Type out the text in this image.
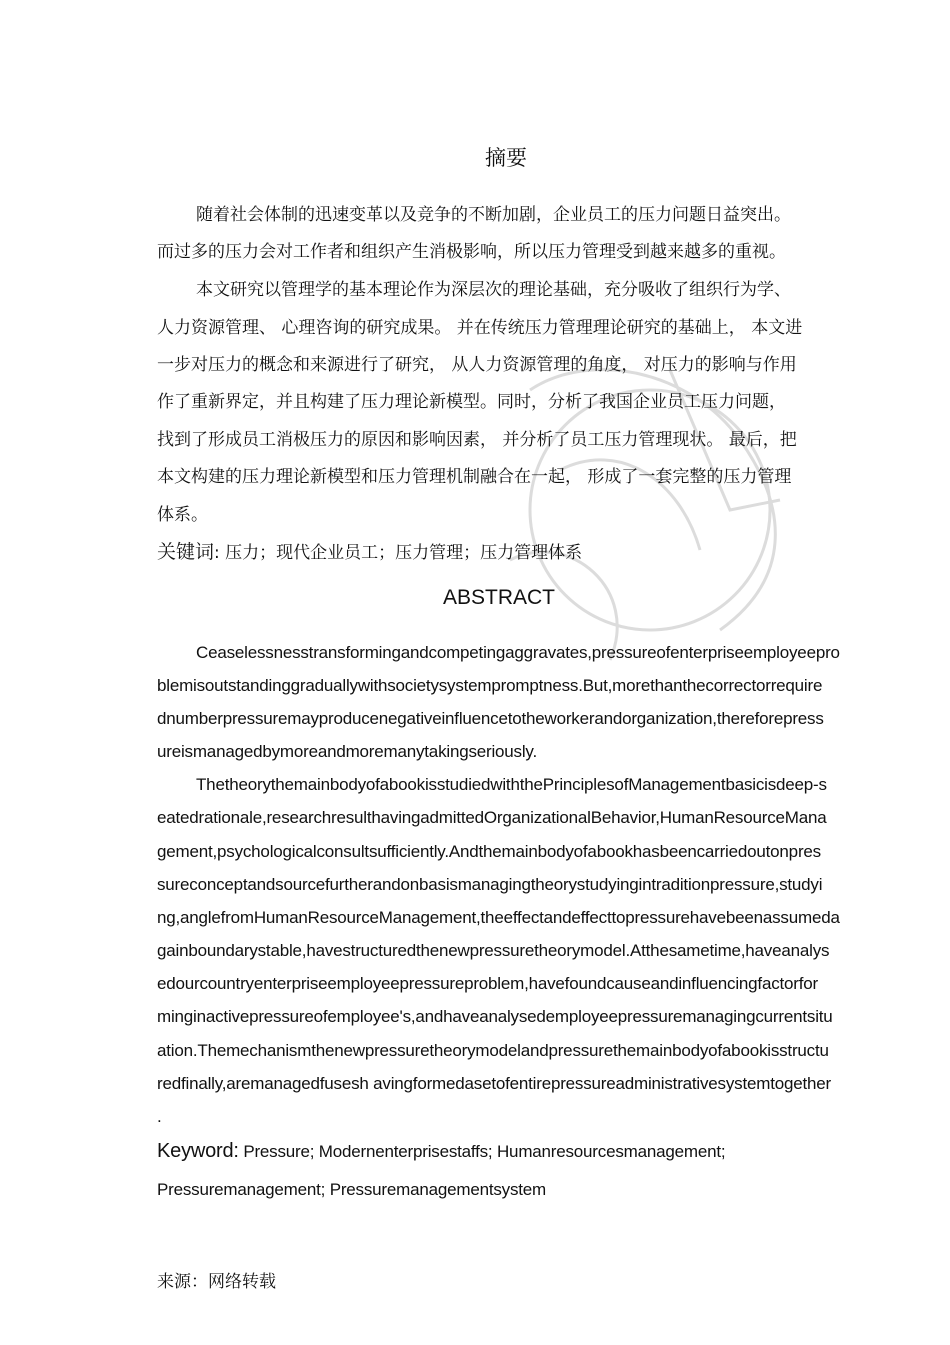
摘要
随着社会体制的迅速变革以及竞争的不断加剧，企业员工的压力问题日益突出。
而过多的压力会对工作者和组织产生消极影响，所以压力管理受到越来越多的重视。
本文研究以管理学的基本理论作为深层次的理论基础，充分吸收了组织行为学、
人力资源管理、 心理咨询的研究成果。 并在传统压力管理理论研究的基础上， 本文进
一步对压力的概念和来源进行了研究， 从人力资源管理的角度， 对压力的影响与作用
作了重新界定，并且构建了压力理论新模型。同时，分析了我国企业员工压力问题，
找到了形成员工消极压力的原因和影响因素， 并分析了员工压力管理现状。 最后，把
本文构建的压力理论新模型和压力管理机制融合在一起， 形成了一套完整的压力管理
体系。
关键词: 压力；现代企业员工；压力管理；压力管理体系
ABSTRACT
Ceaselessnesstransformingandcompetingaggravates,pressureofenterpriseemployeepro
blemisoutstandinggraduallywithsocietysystempromptness.But,morethanthecorrectorrequire
dnumberpressuremayproducenegativeinfluencetotheworkerandorganization,thereforepress
ureismanagedbymoreandmoremanytakingseriously.
ThetheorythemainbodyofabookisstudiedwiththePrinciplesofManagementbasicisdeep-s
eatedrationale,researchresulthavingadmittedOrganizationalBehavior,HumanResourceMana
gement,psychologicalconsultsufficiently.Andthemainbodyofabookhasbeencarriedoutonpres
sureconceptandsourcefurtherandonbasismanagingtheorystudyingintraditionpressure,studyi
ng,anglefromHumanResourceManagement,theeffectandeffecttopressurehavebeenassumeda
gainboundarystable,havestructuredthenewpressuretheorymodel.Atthesametime,haveanalys
edourcountryenterpriseemployeepressureproblem,havefoundcauseandinfluencingfactorfor
minginactivepressureofemployee's,andhaveanalysedemployeepressuremanagingcurrentsitu
ation.Themechanismthenewpressuretheorymodelandpressurethemainbodyofabookisstructu
redfinally,aremanagedfusesh avingformedasetofentirepressureadministrativesystemtogether
.
Keyword: Pressure; Modernenterprisestaffs; Humanresourcesmanagement;
Pressuremanagement; Pressuremanagementsystem
来源：网络转载
